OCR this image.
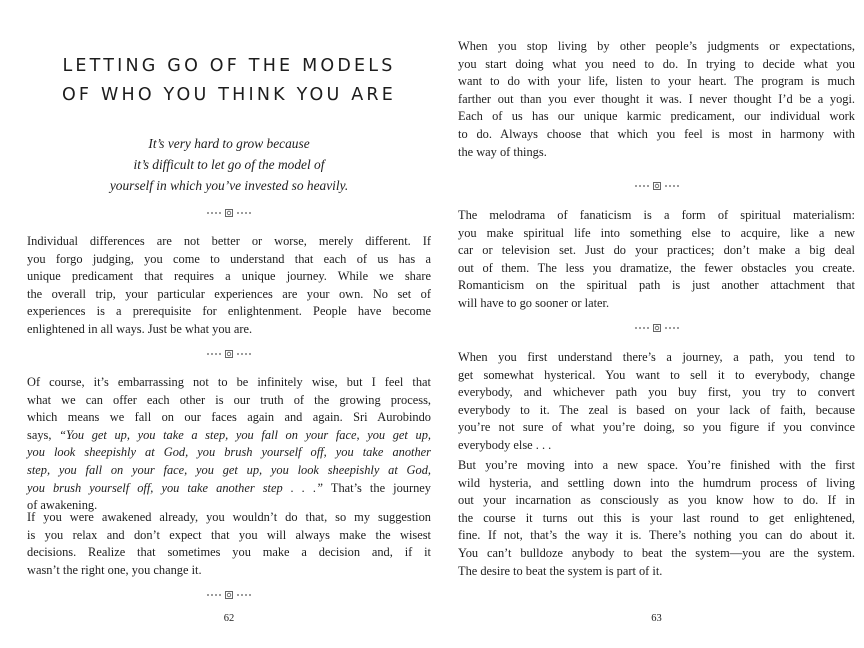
LETTING GO OF THE MODELS
OF WHO YOU THINK YOU ARE
It’s very hard to grow because
it’s difficult to let go of the model of
yourself in which you’ve invested so heavily.

Individual differences are not better or worse, merely different. If
you forgo judging, you come to understand that each of us has a
unique predicament that requires a unique journey. While we share
the overall trip, your particular experiences are your own. No set of
experiences is a prerequisite for enlightenment. People have become
enlightened in all ways. Just be what you are.

Of course, it’s embarrassing not to be infinitely wise, but I feel that
what we can offer each other is our truth of the growing process,
which means we fall on our faces again and again. Sri Aurobindo
says, “You get up, you take a step, you fall on your face, you get up,
you look sheepishly at God, you brush yourself off, you take another
step, you fall on your face, you get up, you look sheepishly at God,
you brush yourself off, you take another step . . .” That’s the journey
of awakening.

If you were awakened already, you wouldn’t do that, so my suggestion
is you relax and don’t expect that you will always make the wisest
decisions. Realize that sometimes you make a decision and, if it
wasn’t the right one, you change it.

62

When you stop living by other people’s judgments or expectations,
you start doing what you need to do. In trying to decide what you
want to do with your life, listen to your heart. The program is much
farther out than you ever thought it was. I never thought I’d be a yogi.
Each of us has our unique karmic predicament, our individual work
to do. Always choose that which you feel is most in harmony with
the way of things.

The melodrama of fanaticism is a form of spiritual materialism:
you make spiritual life into something else to acquire, like a new
car or television set. Just do your practices; don’t make a big deal
out of them. The less you dramatize, the fewer obstacles you create.
Romanticism on the spiritual path is just another attachment that
will have to go sooner or later.

When you first understand there’s a journey, a path, you tend to
get somewhat hysterical. You want to sell it to everybody, change
everybody, and whichever path you buy first, you try to convert
everybody to it. The zeal is based on your lack of faith, because
you’re not sure of what you’re doing, so you figure if you convince
everybody else . . .

But you’re moving into a new space. You’re finished with the first
wild hysteria, and settling down into the humdrum process of living
out your incarnation as consciously as you know how to do. If in
the course it turns out this is your last round to get enlightened,
fine. If not, that’s the way it is. There’s nothing you can do about it.
You can’t bulldoze anybody to beat the system—you are the system.
The desire to beat the system is part of it.

63
